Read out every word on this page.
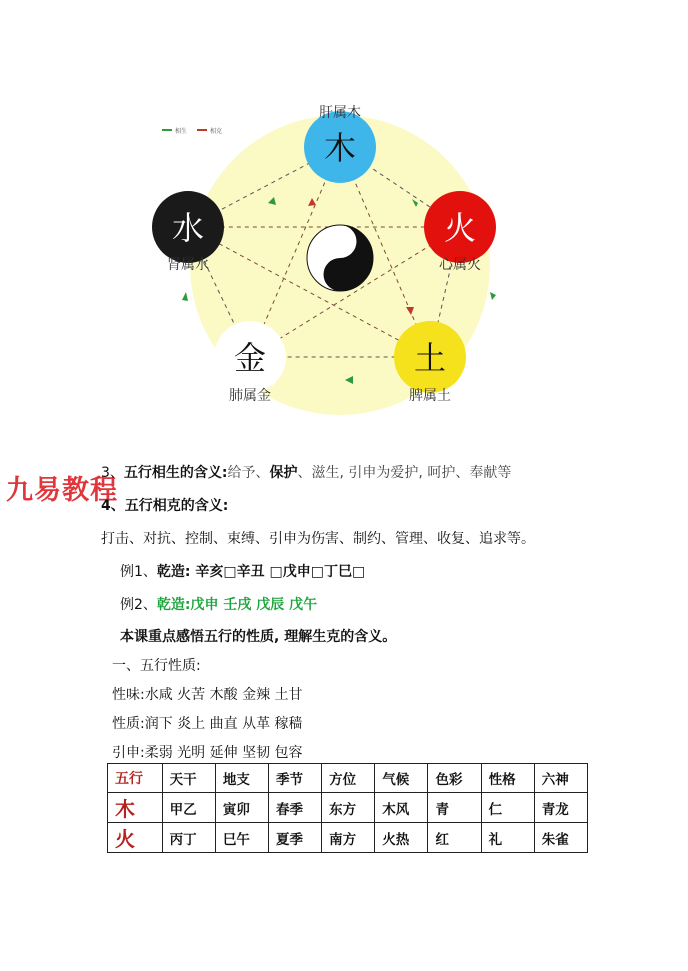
相生	相克	木
肝属木
火
心属火
土
脾属土
金
肺属金
水
肾属水
九易教程
3、五行相生的含义:给予、保护、滋生, 引申为爱护, 呵护、奉献等
4、五行相克的含义:
打击、对抗、控制、束缚、引申为伤害、制约、管理、收复、追求等。
例1、乾造: 辛亥□辛丑 □戊申□丁巳□
例2、乾造:戊申 壬戌 戊辰 戊午
本课重点感悟五行的性质, 理解生克的含义。
一、五行性质:
性味:水咸 火苦 木酸 金辣 土甘
性质:润下 炎上 曲直 从革 稼穑
引申:柔弱 光明 延伸 坚韧 包容
五行	天干	地支	季节	方位	气候	色彩	性格	六神
木	甲乙	寅卯	春季	东方	木风	青	仁	青龙
火	丙丁	巳午	夏季	南方	火热	红	礼	朱雀
